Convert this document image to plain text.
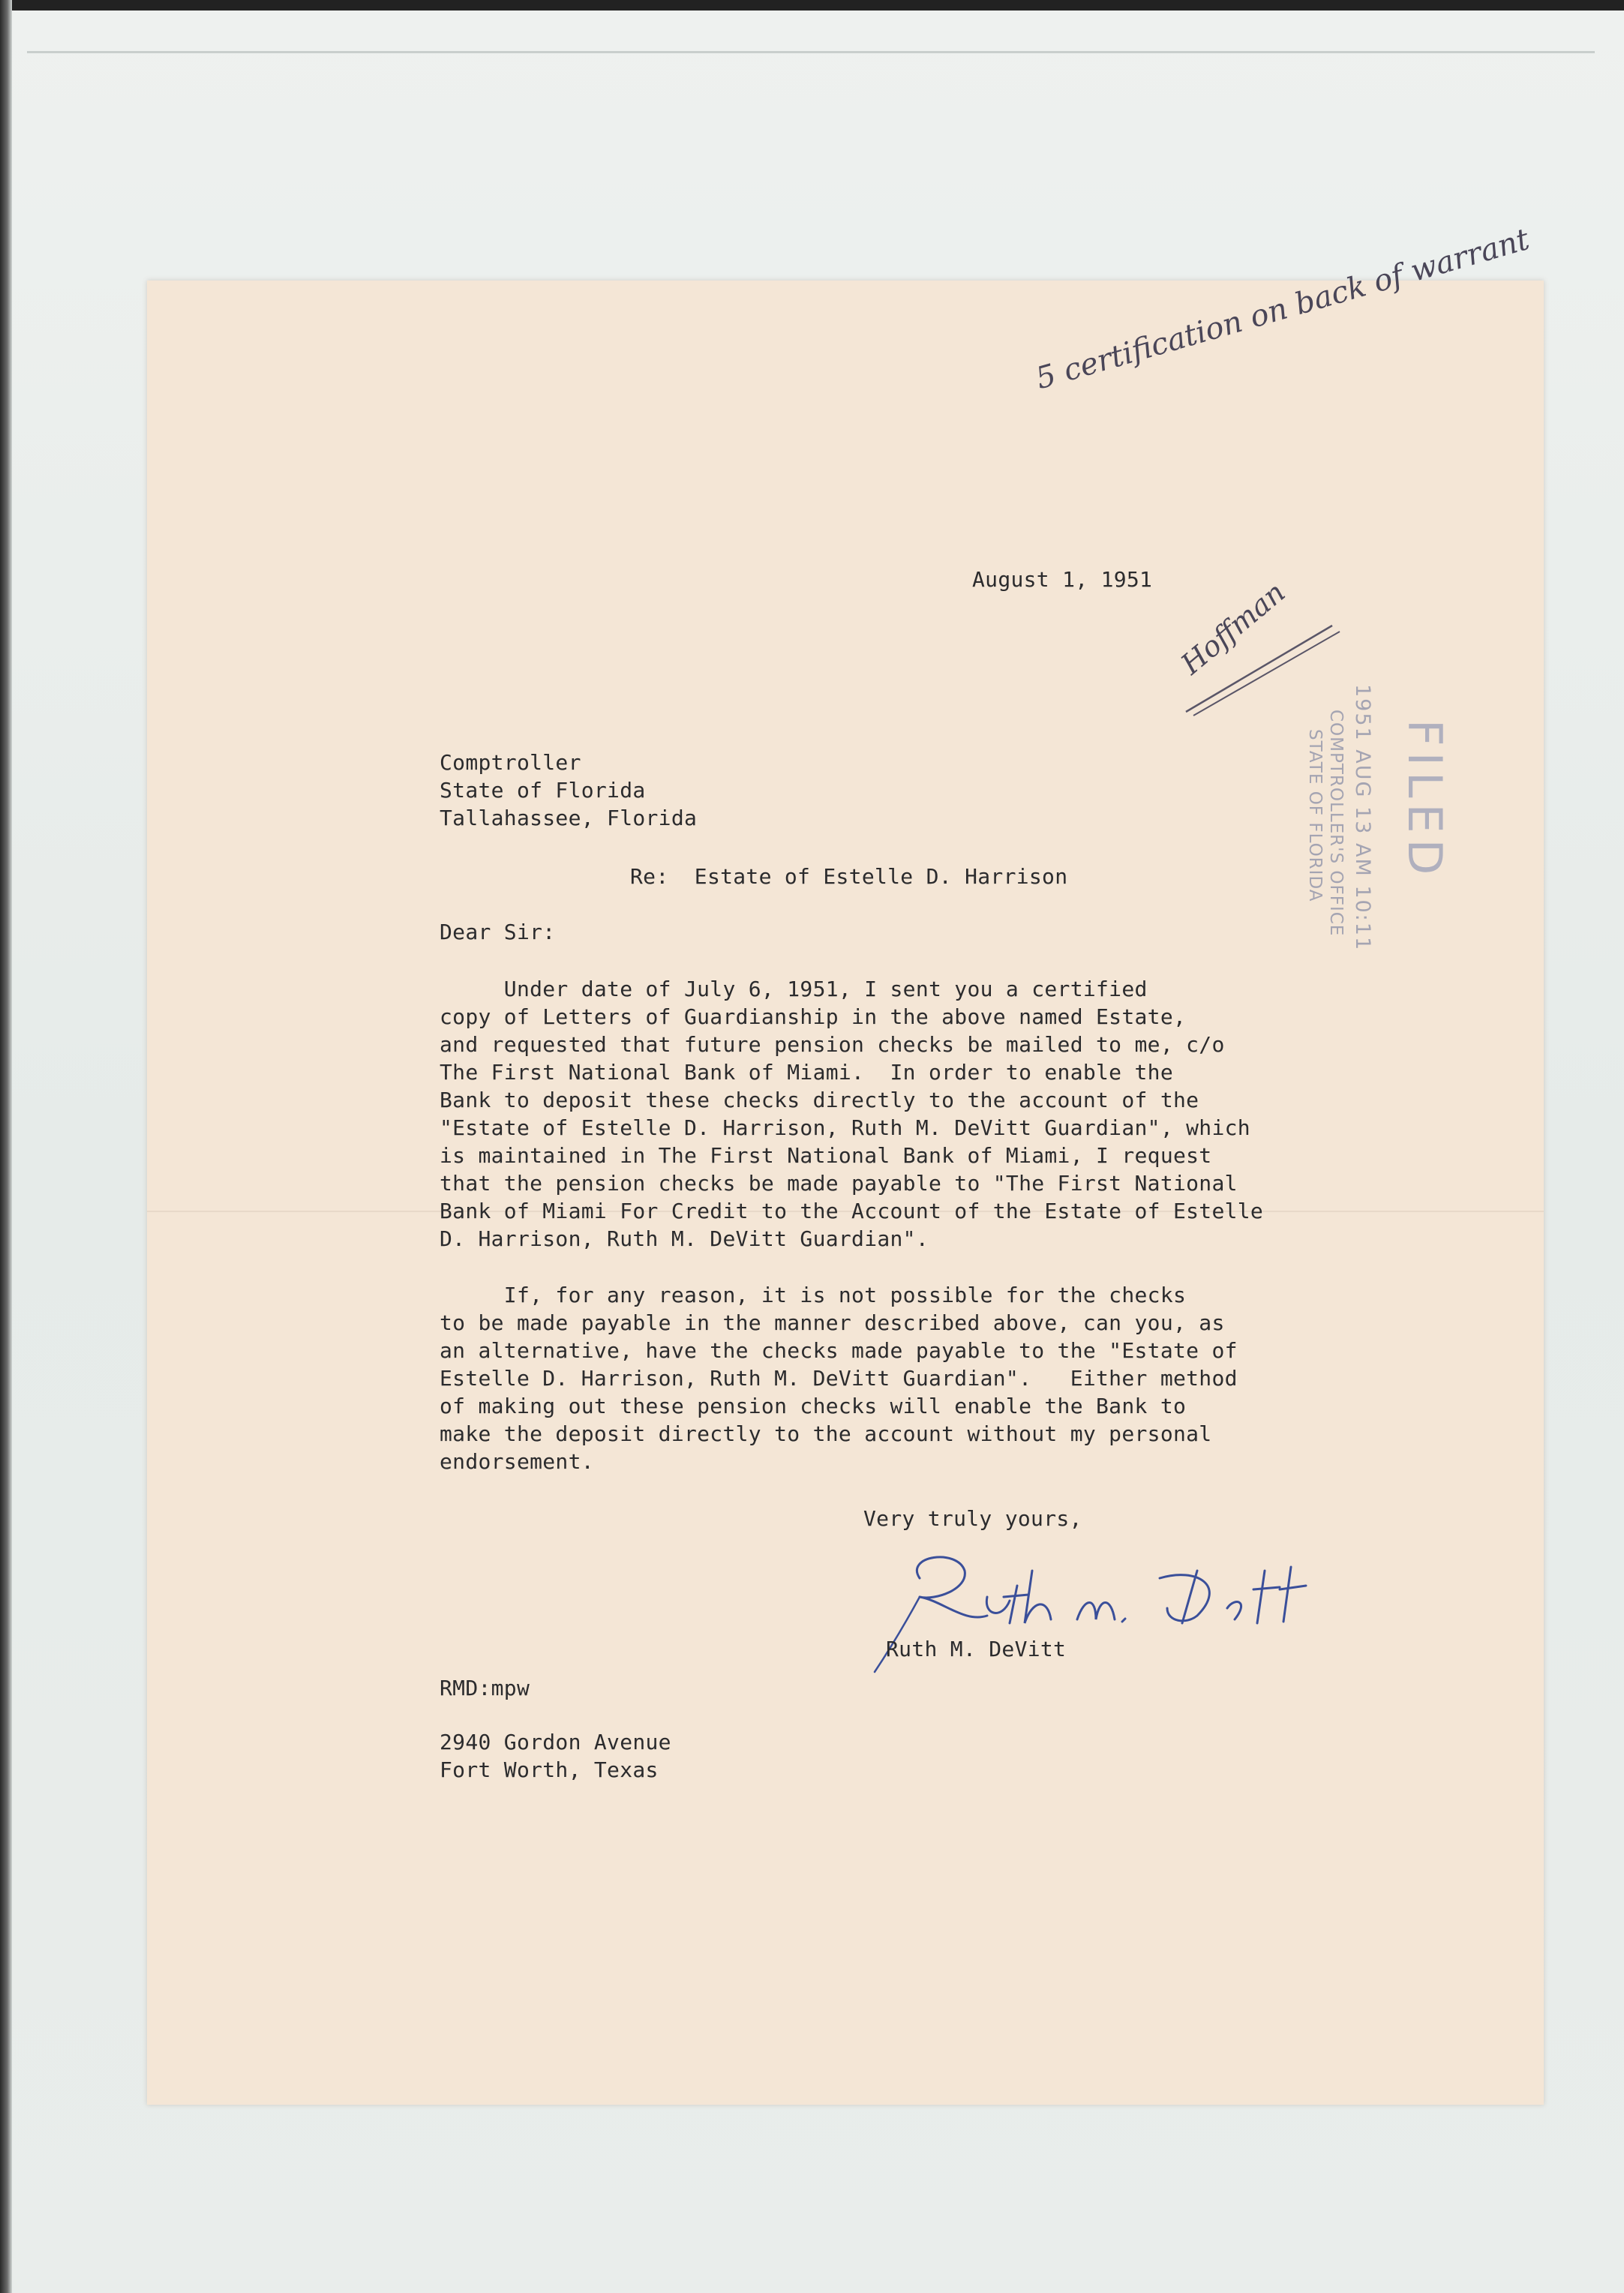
5 certification on back of warrant
August 1, 1951 Hoffman
FILED
1951 AUG 13 AM 10:11
COMPTROLLER'S OFFICE
STATE OF FLORIDA
Comptroller
State of Florida
Tallahassee, Florida
Re:  Estate of Estelle D. Harrison
Dear Sir:
Under date of July 6, 1951, I sent you a certified
copy of Letters of Guardianship in the above named Estate,
and requested that future pension checks be mailed to me, c/o
The First National Bank of Miami.  In order to enable the
Bank to deposit these checks directly to the account of the
"Estate of Estelle D. Harrison, Ruth M. DeVitt Guardian", which
is maintained in The First National Bank of Miami, I request
that the pension checks be made payable to "The First National
Bank of Miami For Credit to the Account of the Estate of Estelle
D. Harrison, Ruth M. DeVitt Guardian".
If, for any reason, it is not possible for the checks
to be made payable in the manner described above, can you, as
an alternative, have the checks made payable to the "Estate of
Estelle D. Harrison, Ruth M. DeVitt Guardian".   Either method
of making out these pension checks will enable the Bank to
make the deposit directly to the account without my personal
endorsement.
Very truly yours,
Ruth M. DeVitt
RMD:mpw
2940 Gordon Avenue
Fort Worth, Texas
